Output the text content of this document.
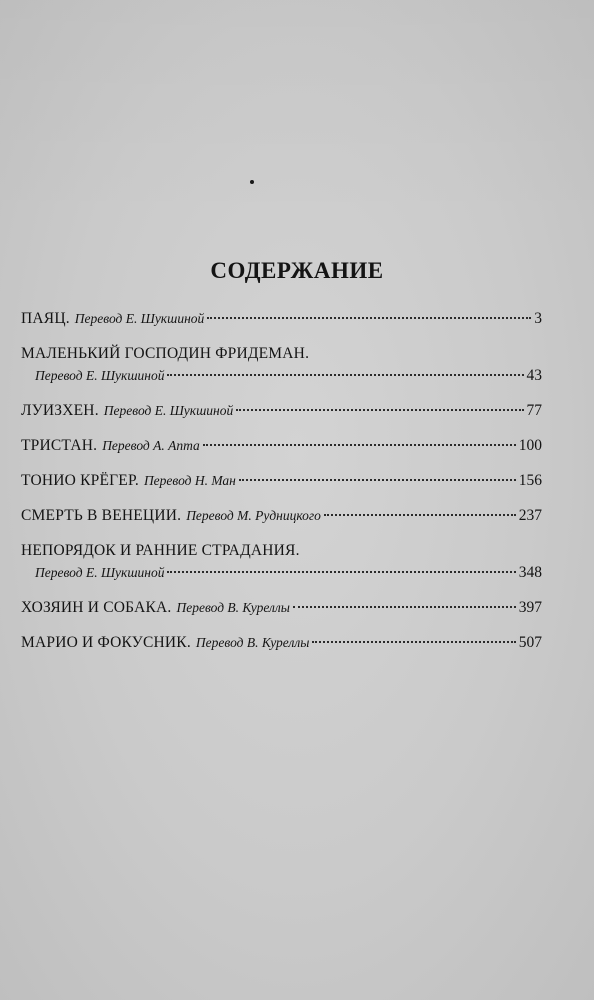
СОДЕРЖАНИЕ
ПАЯЦ. Перевод Е. Шукшиной	3
МАЛЕНЬКИЙ ГОСПОДИН ФРИДЕМАН.
Перевод Е. Шукшиной	43
ЛУИЗХЕН. Перевод Е. Шукшиной	77
ТРИСТАН. Перевод А. Апта	100
ТОНИО КРЁГЕР. Перевод Н. Ман	156
СМЕРТЬ В ВЕНЕЦИИ. Перевод М. Рудницкого	237
НЕПОРЯДОК И РАННИЕ СТРАДАНИЯ.
Перевод Е. Шукшиной	348
ХОЗЯИН И СОБАКА. Перевод В. Куреллы	397
МАРИО И ФОКУСНИК. Перевод В. Куреллы	507
